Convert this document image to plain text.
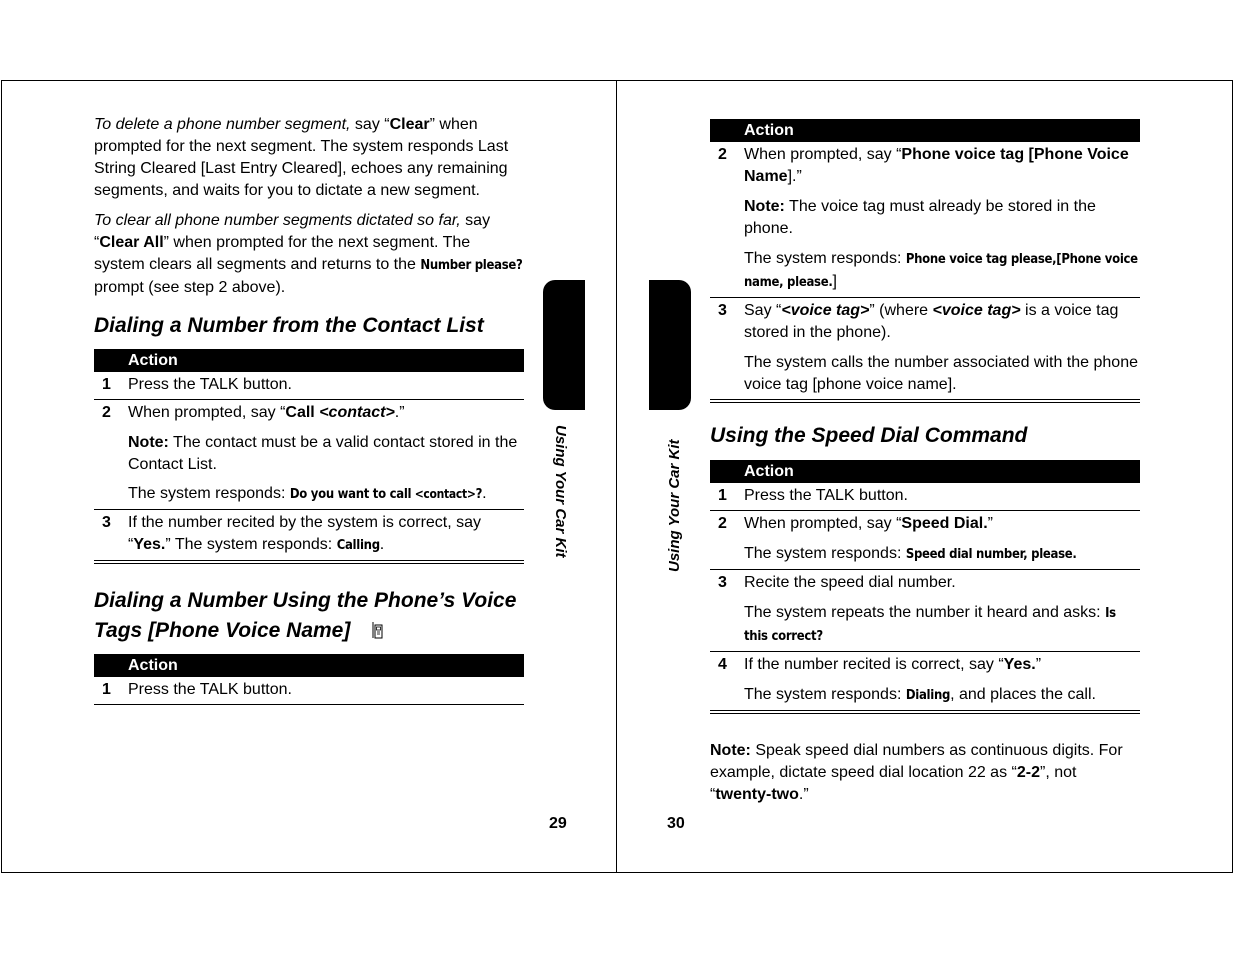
To delete a phone number segment, say “Clear” when prompted for the next segment. The system responds Last String Cleared [Last Entry Cleared], echoes any remaining segments, and waits for you to dictate a new segment.

To clear all phone number segments dictated so far, say “Clear All” when prompted for the next segment. The system clears all segments and returns to the Number please? prompt (see step 2 above).

Dialing a Number from the Contact List
Action	
1	Press the TALK button.
2	When prompted, say “Call <contact>.”

Note: The contact must be a valid contact stored in the Contact List.

The system responds: Do you want to call <contact>?.

3	If the number recited by the system is correct, say “Yes.” The system responds: Calling.
Dialing a Number Using the Phone’s Voice Tags [Phone Voice Name]
Action
1	Press the TALK button.
Using Your Car Kit
29
Action	
2	When prompted, say “Phone voice tag [Phone Voice Name].”

Note: The voice tag must already be stored in the phone.

The system responds: Phone voice tag please,[Phone voice name, please.]

3	Say “<voice tag>” (where <voice tag> is a voice tag stored in the phone).

The system calls the number associated with the phone voice tag [phone voice name].

Using the Speed Dial Command
Action	
1	Press the TALK button.
2	When prompted, say “Speed Dial.”

The system responds: Speed dial number, please.

3	Recite the speed dial number.

The system repeats the number it heard and asks: Is this correct?

4	If the number recited is correct, say “Yes.”

The system responds: Dialing, and places the call.

Note: Speak speed dial numbers as continuous digits. For example, dictate speed dial location 22 as “2-2”, not “twenty-two.”

Using Your Car Kit
30
